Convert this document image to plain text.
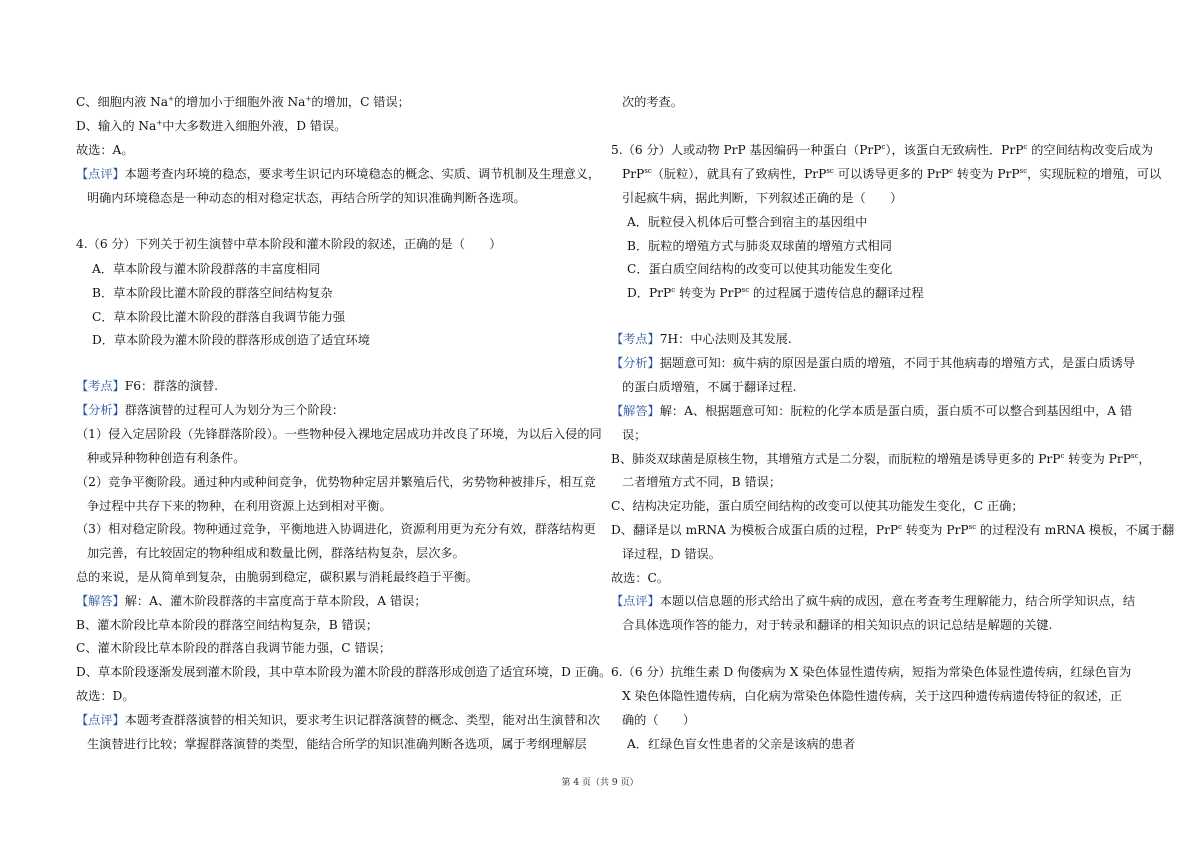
C、细胞内液 Na+的增加小于细胞外液 Na+的增加，C 错误；
D、输入的 Na+中大多数进入细胞外液，D 错误。
故选：A。
【点评】本题考查内环境的稳态，要求考生识记内环境稳态的概念、实质、调节机制及生理意义，
明确内环境稳态是一种动态的相对稳定状态，再结合所学的知识准确判断各选项。
4.（6 分）下列关于初生演替中草本阶段和灌木阶段的叙述，正确的是（　　）
A．草本阶段与灌木阶段群落的丰富度相同
B．草本阶段比灌木阶段的群落空间结构复杂
C．草本阶段比灌木阶段的群落自我调节能力强
D．草本阶段为灌木阶段的群落形成创造了适宜环境
【考点】F6：群落的演替.
【分析】群落演替的过程可人为划分为三个阶段：
（1）侵入定居阶段（先锋群落阶段）。一些物种侵入裸地定居成功并改良了环境，为以后入侵的同
种或异种物种创造有利条件。
（2）竞争平衡阶段。通过种内或种间竞争，优势物种定居并繁殖后代，劣势物种被排斥，相互竞
争过程中共存下来的物种，在利用资源上达到相对平衡。
（3）相对稳定阶段。物种通过竞争，平衡地进入协调进化，资源利用更为充分有效，群落结构更
加完善，有比较固定的物种组成和数量比例，群落结构复杂，层次多。
总的来说，是从简单到复杂，由脆弱到稳定，碳积累与消耗最终趋于平衡。
【解答】解：A、灌木阶段群落的丰富度高于草本阶段，A 错误；
B、灌木阶段比草本阶段的群落空间结构复杂，B 错误；
C、灌木阶段比草本阶段的群落自我调节能力强，C 错误；
D、草本阶段逐渐发展到灌木阶段，其中草本阶段为灌木阶段的群落形成创造了适宜环境，D 正确。
故选：D。
【点评】本题考查群落演替的相关知识，要求考生识记群落演替的概念、类型，能对出生演替和次
生演替进行比较；掌握群落演替的类型，能结合所学的知识准确判断各选项，属于考纲理解层
次的考查。
5.（6 分）人或动物 PrP 基因编码一种蛋白（PrP$^c$），该蛋白无致病性．PrP$^c$ 的空间结构改变后成为
PrP$^{sc}$（朊粒），就具有了致病性，PrP$^{sc}$ 可以诱导更多的 PrP$^c$ 转变为 PrP$^{sc}$，实现朊粒的增殖，可以
引起疯牛病，据此判断，下列叙述正确的是（　　）
A．朊粒侵入机体后可整合到宿主的基因组中
B．朊粒的增殖方式与肺炎双球菌的增殖方式相同
C．蛋白质空间结构的改变可以使其功能发生变化
D．PrP$^c$ 转变为 PrP$^{sc}$ 的过程属于遗传信息的翻译过程
【考点】7H：中心法则及其发展.
【分析】据题意可知：疯牛病的原因是蛋白质的增殖，不同于其他病毒的增殖方式，是蛋白质诱导
的蛋白质增殖，不属于翻译过程.
【解答】解：A、根据题意可知：朊粒的化学本质是蛋白质，蛋白质不可以整合到基因组中，A 错
误；
B、肺炎双球菌是原核生物，其增殖方式是二分裂，而朊粒的增殖是诱导更多的 PrP$^c$ 转变为 PrP$^{sc}$，
二者增殖方式不同，B 错误；
C、结构决定功能，蛋白质空间结构的改变可以使其功能发生变化，C 正确；
D、翻译是以 mRNA 为模板合成蛋白质的过程，PrP$^c$ 转变为 PrP$^{sc}$ 的过程没有 mRNA 模板，不属于翻
译过程，D 错误。
故选：C。
【点评】本题以信息题的形式给出了疯牛病的成因，意在考查考生理解能力，结合所学知识点，结
合具体选项作答的能力，对于转录和翻译的相关知识点的识记总结是解题的关键.
6.（6 分）抗维生素 D 佝偻病为 X 染色体显性遗传病，短指为常染色体显性遗传病，红绿色盲为
X 染色体隐性遗传病，白化病为常染色体隐性遗传病，关于这四种遗传病遗传特征的叙述，正
确的（　　）
A．红绿色盲女性患者的父亲是该病的患者
第 4 页（共 9 页）
